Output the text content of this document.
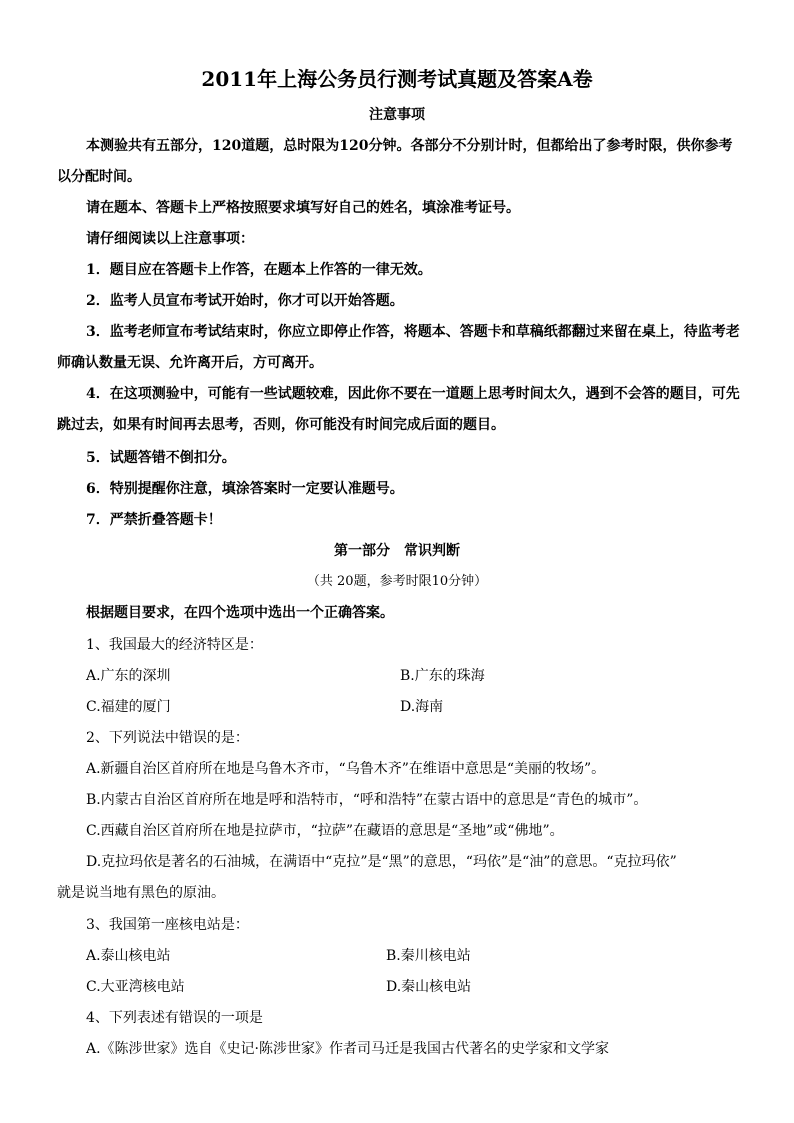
2011年上海公务员行测考试真题及答案A卷
注意事项
本测验共有五部分，120道题，总时限为120分钟。各部分不分别计时，但都给出了参考时限，供你参考
以分配时间。
请在题本、答题卡上严格按照要求填写好自己的姓名，填涂准考证号。
请仔细阅读以上注意事项：
1．题目应在答题卡上作答，在题本上作答的一律无效。
2．监考人员宣布考试开始时，你才可以开始答题。
3．监考老师宣布考试结束时，你应立即停止作答，将题本、答题卡和草稿纸都翻过来留在桌上，待监考老
师确认数量无误、允许离开后，方可离开。
4．在这项测验中，可能有一些试题较难，因此你不要在一道题上思考时间太久，遇到不会答的题目，可先
跳过去，如果有时间再去思考，否则，你可能没有时间完成后面的题目。
5．试题答错不倒扣分。
6．特别提醒你注意，填涂答案时一定要认准题号。
7．严禁折叠答题卡！
第一部分　常识判断
（共 20题，参考时限10分钟）
根据题目要求，在四个选项中选出一个正确答案。
1、我国最大的经济特区是：
A.广东的深圳	B.广东的珠海
C.福建的厦门	D.海南
2、下列说法中错误的是：
A.新疆自治区首府所在地是乌鲁木齐市，“乌鲁木齐”在维语中意思是“美丽的牧场”。
B.内蒙古自治区首府所在地是呼和浩特市，“呼和浩特”在蒙古语中的意思是“青色的城市”。
C.西藏自治区首府所在地是拉萨市，“拉萨”在藏语的意思是“圣地”或“佛地”。
D.克拉玛依是著名的石油城，在满语中“克拉”是“黑”的意思，“玛依”是“油”的意思。“克拉玛依”
就是说当地有黑色的原油。
3、我国第一座核电站是：
A.泰山核电站	B.秦川核电站
C.大亚湾核电站	D.秦山核电站
4、下列表述有错误的一项是
A.《陈涉世家》选自《史记·陈涉世家》作者司马迁是我国古代著名的史学家和文学家
